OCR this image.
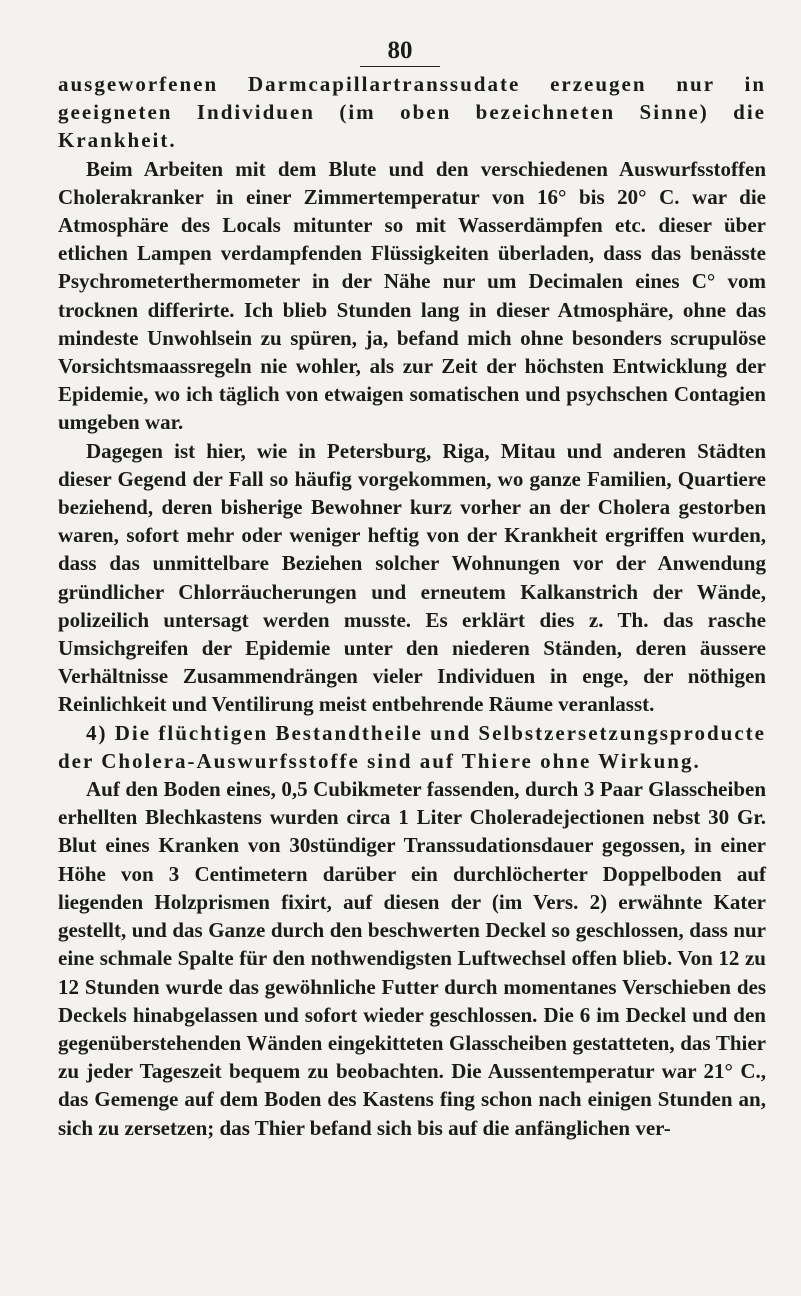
80

ausgeworfenen Darmcapillartranssudate erzeugen nur in geeigneten Individuen (im oben bezeichneten Sinne) die Krankheit.

Beim Arbeiten mit dem Blute und den verschiedenen Auswurfsstoffen Cholerakranker in einer Zimmertemperatur von 16° bis 20° C. war die Atmosphäre des Locals mitunter so mit Wasserdämpfen etc. dieser über etlichen Lampen verdampfenden Flüssigkeiten überladen, dass das benässte Psychrometerthermometer in der Nähe nur um Decimalen eines C° vom trocknen differirte. Ich blieb Stunden lang in dieser Atmosphäre, ohne das mindeste Unwohlsein zu spüren, ja, befand mich ohne besonders scrupulöse Vorsichtsmaassregeln nie wohler, als zur Zeit der höchsten Entwicklung der Epidemie, wo ich täglich von etwaigen somatischen und psychschen Contagien umgeben war.

Dagegen ist hier, wie in Petersburg, Riga, Mitau und anderen Städten dieser Gegend der Fall so häufig vorgekommen, wo ganze Familien, Quartiere beziehend, deren bisherige Bewohner kurz vorher an der Cholera gestorben waren, sofort mehr oder weniger heftig von der Krankheit ergriffen wurden, dass das unmittelbare Beziehen solcher Wohnungen vor der Anwendung gründlicher Chlorräucherungen und erneutem Kalkanstrich der Wände, polizeilich untersagt werden musste. Es erklärt dies z. Th. das rasche Umsichgreifen der Epidemie unter den niederen Ständen, deren äussere Verhältnisse Zusammendrängen vieler Individuen in enge, der nöthigen Reinlichkeit und Ventilirung meist entbehrende Räume veranlasst.

4) Die flüchtigen Bestandtheile und Selbstzersetzungsproducte der Cholera-Auswurfsstoffe sind auf Thiere ohne Wirkung.

Auf den Boden eines, 0,5 Cubikmeter fassenden, durch 3 Paar Glasscheiben erhellten Blechkastens wurden circa 1 Liter Choleradejectionen nebst 30 Gr. Blut eines Kranken von 30stündiger Transsudationsdauer gegossen, in einer Höhe von 3 Centimetern darüber ein durchlöcherter Doppelboden auf liegenden Holzprismen fixirt, auf diesen der (im Vers. 2) erwähnte Kater gestellt, und das Ganze durch den beschwerten Deckel so geschlossen, dass nur eine schmale Spalte für den nothwendigsten Luftwechsel offen blieb. Von 12 zu 12 Stunden wurde das gewöhnliche Futter durch momentanes Verschieben des Deckels hinabgelassen und sofort wieder geschlossen. Die 6 im Deckel und den gegenüberstehenden Wänden eingekitteten Glasscheiben gestatteten, das Thier zu jeder Tageszeit bequem zu beobachten. Die Aussentemperatur war 21° C., das Gemenge auf dem Boden des Kastens fing schon nach einigen Stunden an, sich zu zersetzen; das Thier befand sich bis auf die anfänglichen ver-
